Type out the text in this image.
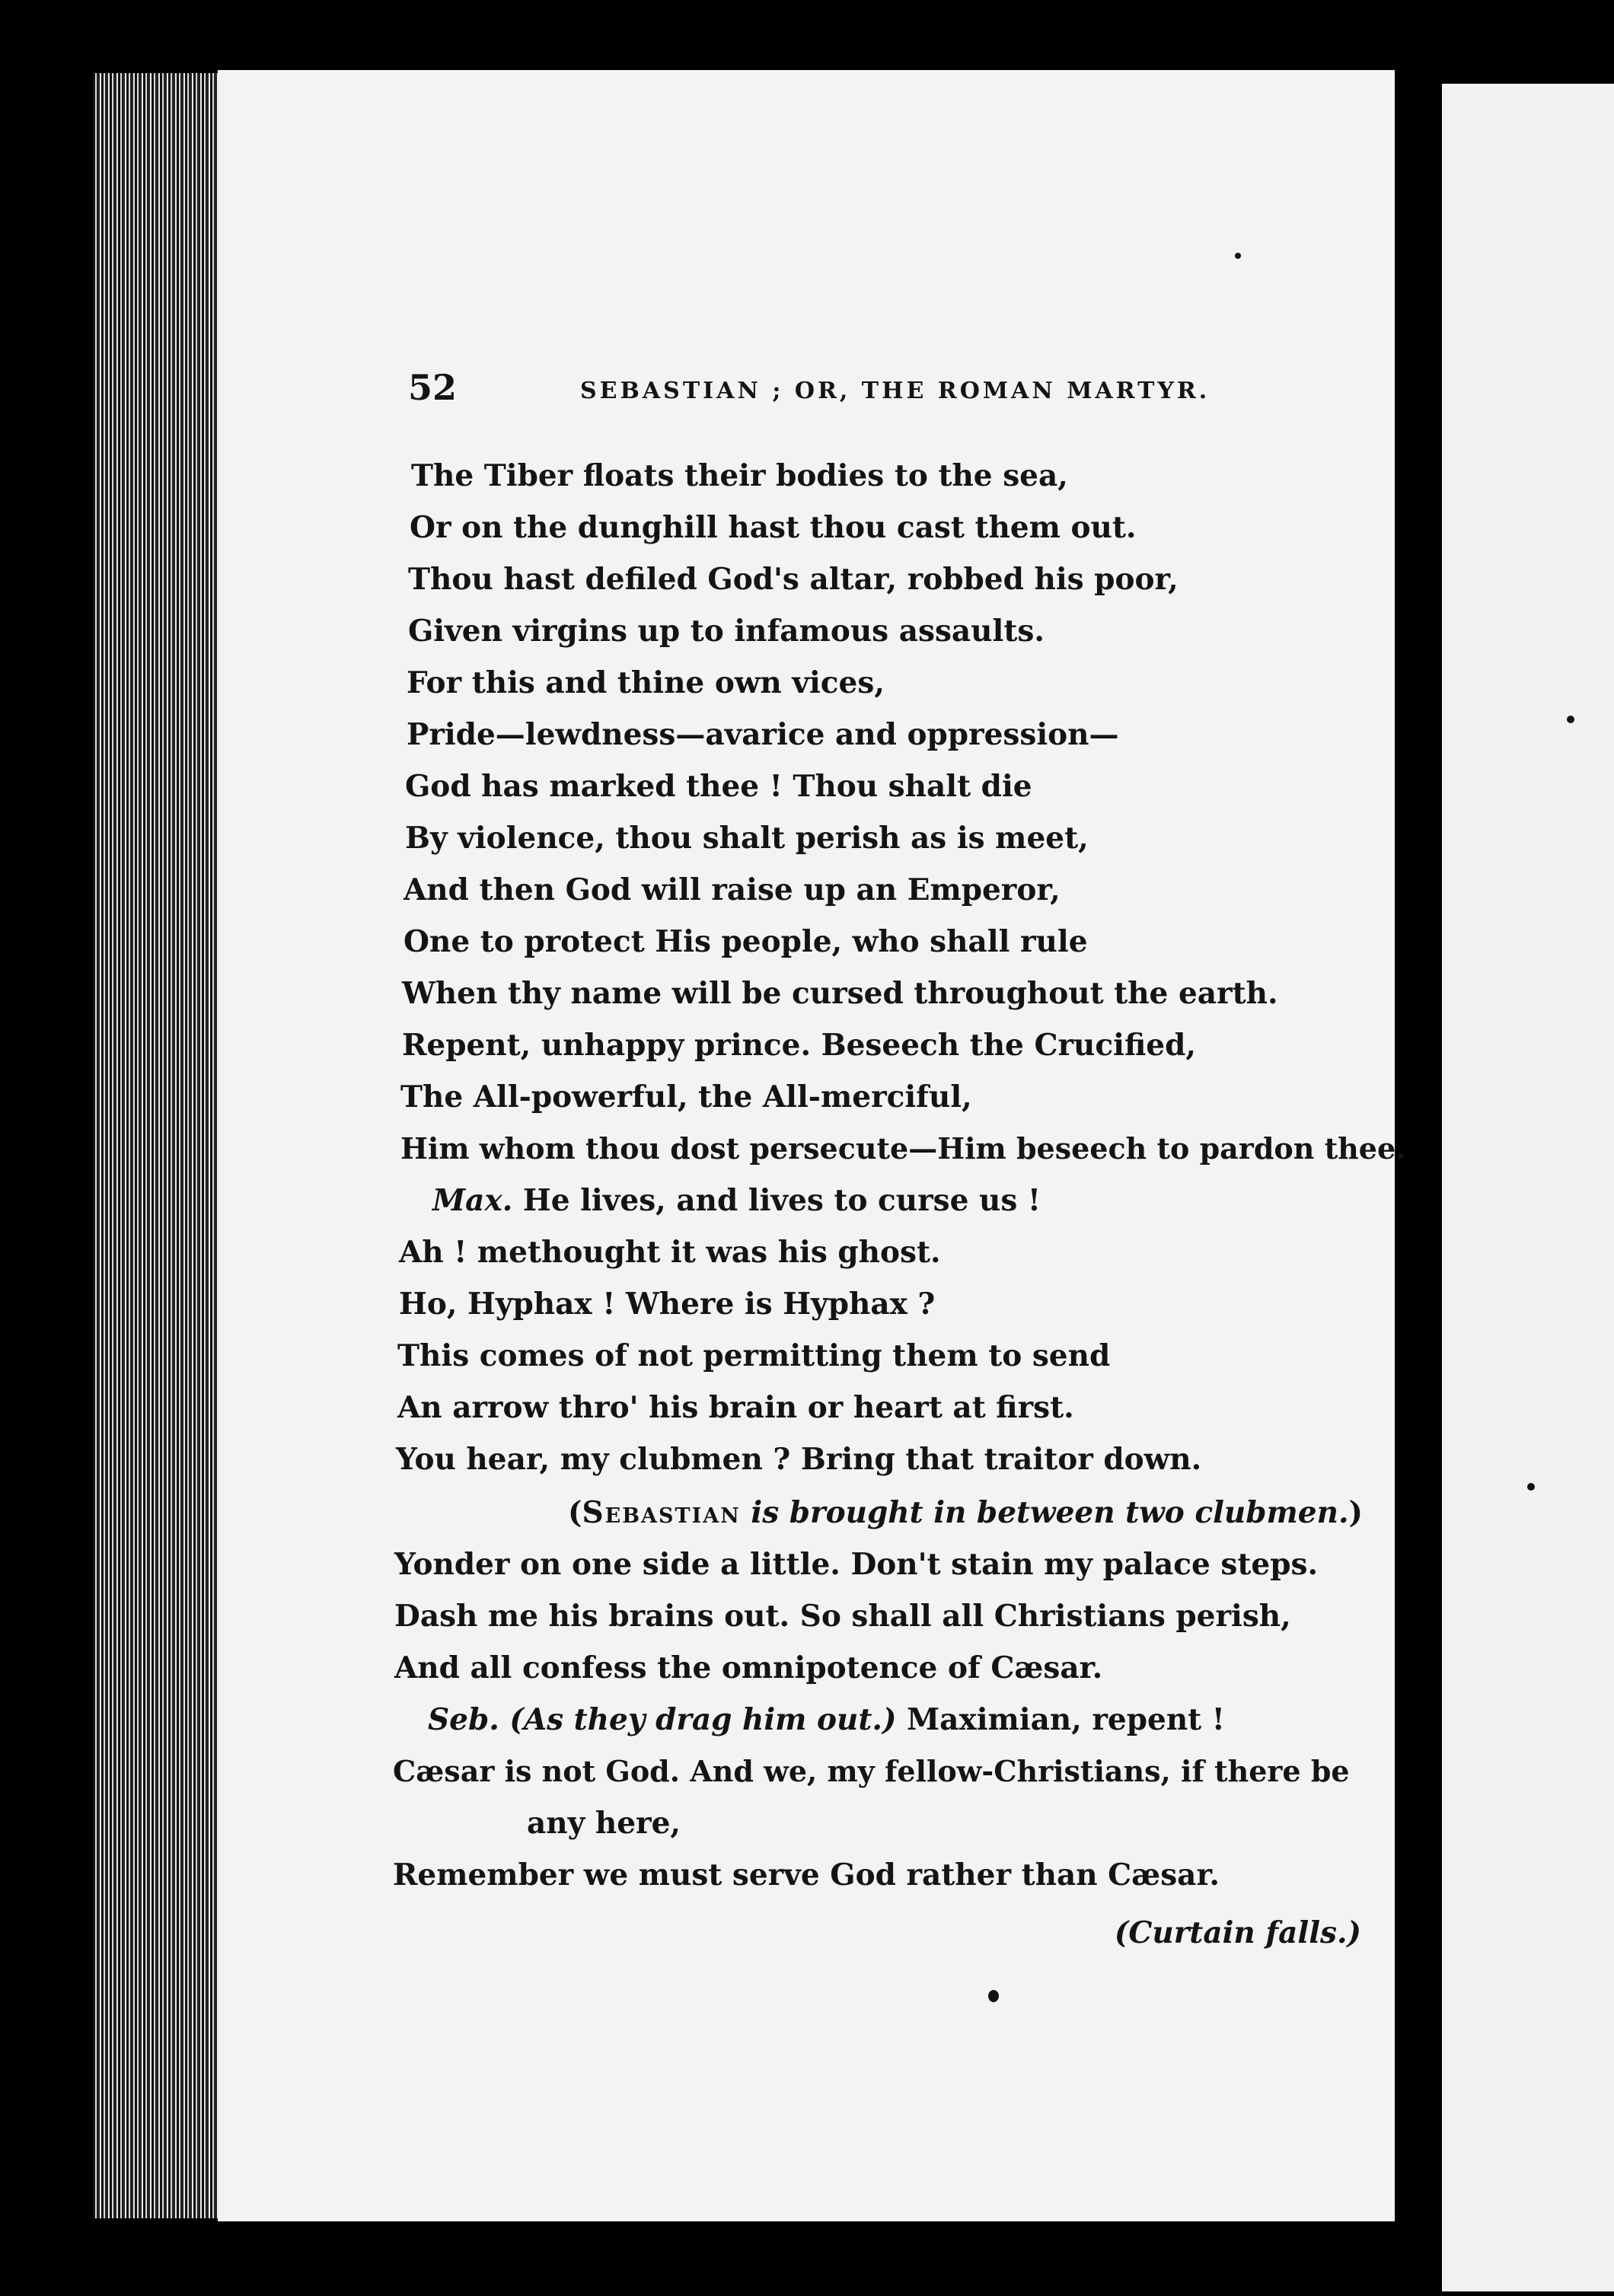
52	SEBASTIAN ; OR, THE ROMAN MARTYR.
The Tiber floats their bodies to the sea,
Or on the dunghill hast thou cast them out.
Thou hast defiled God's altar, robbed his poor,
Given virgins up to infamous assaults.
For this and thine own vices,
Pride—lewdness—avarice and oppression—
God has marked thee ! Thou shalt die
By violence, thou shalt perish as is meet,
And then God will raise up an Emperor,
One to protect His people, who shall rule
When thy name will be cursed throughout the earth.
Repent, unhappy prince. Beseech the Crucified,
The All-powerful, the All-merciful,
Him whom thou dost persecute—Him beseech to pardon thee.
Max. He lives, and lives to curse us !
Ah ! methought it was his ghost.
Ho, Hyphax ! Where is Hyphax ?
This comes of not permitting them to send
An arrow thro' his brain or heart at first.
You hear, my clubmen ? Bring that traitor down.
(Sebastian is brought in between two clubmen.)
Yonder on one side a little. Don't stain my palace steps.
Dash me his brains out. So shall all Christians perish,
And all confess the omnipotence of Cæsar.
Seb. (As they drag him out.) Maximian, repent !
Cæsar is not God. And we, my fellow-Christians, if there be
any here,
Remember we must serve God rather than Cæsar.
(Curtain falls.)
